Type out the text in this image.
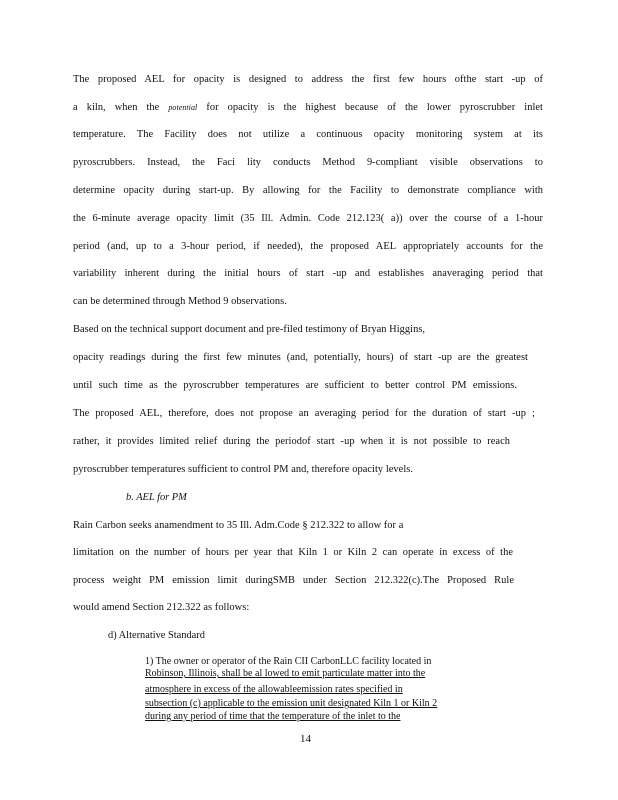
The proposed AEL for opacity is designed to address the first few hours ofthe start -up of
a kiln, when the potential for opacity is the highest because of the lower pyroscrubber inlet
temperature. The Facility does not utilize a continuous opacity monitoring system at its
pyroscrubbers. Instead, the Faci lity conducts Method 9-compliant visible observations to
determine opacity during start-up. By allowing for the Facility to demonstrate compliance with
the 6-minute average opacity limit (35 Ill. Admin. Code 212.123( a)) over the course of a 1-hour
period (and, up to a 3-hour period, if needed), the proposed AEL appropriately accounts for the
variability inherent during the initial hours of start -up and establishes anaveraging period that
can be determined through Method 9 observations.
Based on the technical support document and pre-filed testimony of Bryan Higgins,
opacity readings during the first few minutes (and, potentially, hours) of start -up are the greatest
until such time as the pyroscrubber temperatures are sufficient to better control PM emissions.
The proposed AEL, therefore, does not propose an averaging period for the duration of start -up ;
rather, it provides limited relief during the periodof start -up when it is not possible to reach
pyroscrubber temperatures sufficient to control PM and, therefore opacity levels.
b. AEL for PM
Rain Carbon seeks anamendment to 35 Ill. Adm.Code § 212.322 to allow for a
limitation on the number of hours per year that Kiln 1 or Kiln 2 can operate in excess of the
process weight PM emission limit duringSMB under Section 212.322(c).The Proposed Rule
would amend Section 212.322 as follows:
d) Alternative Standard
1) The owner or operator of the Rain CII CarbonLLC facility located in
Robinson, Illinois, shall be al lowed to emit particulate matter into the
atmosphere in excess of the allowableemission rates specified in
subsection (c) applicable to the emission unit designated Kiln 1 or Kiln 2
during any period of time that the temperature of the inlet to the
14
